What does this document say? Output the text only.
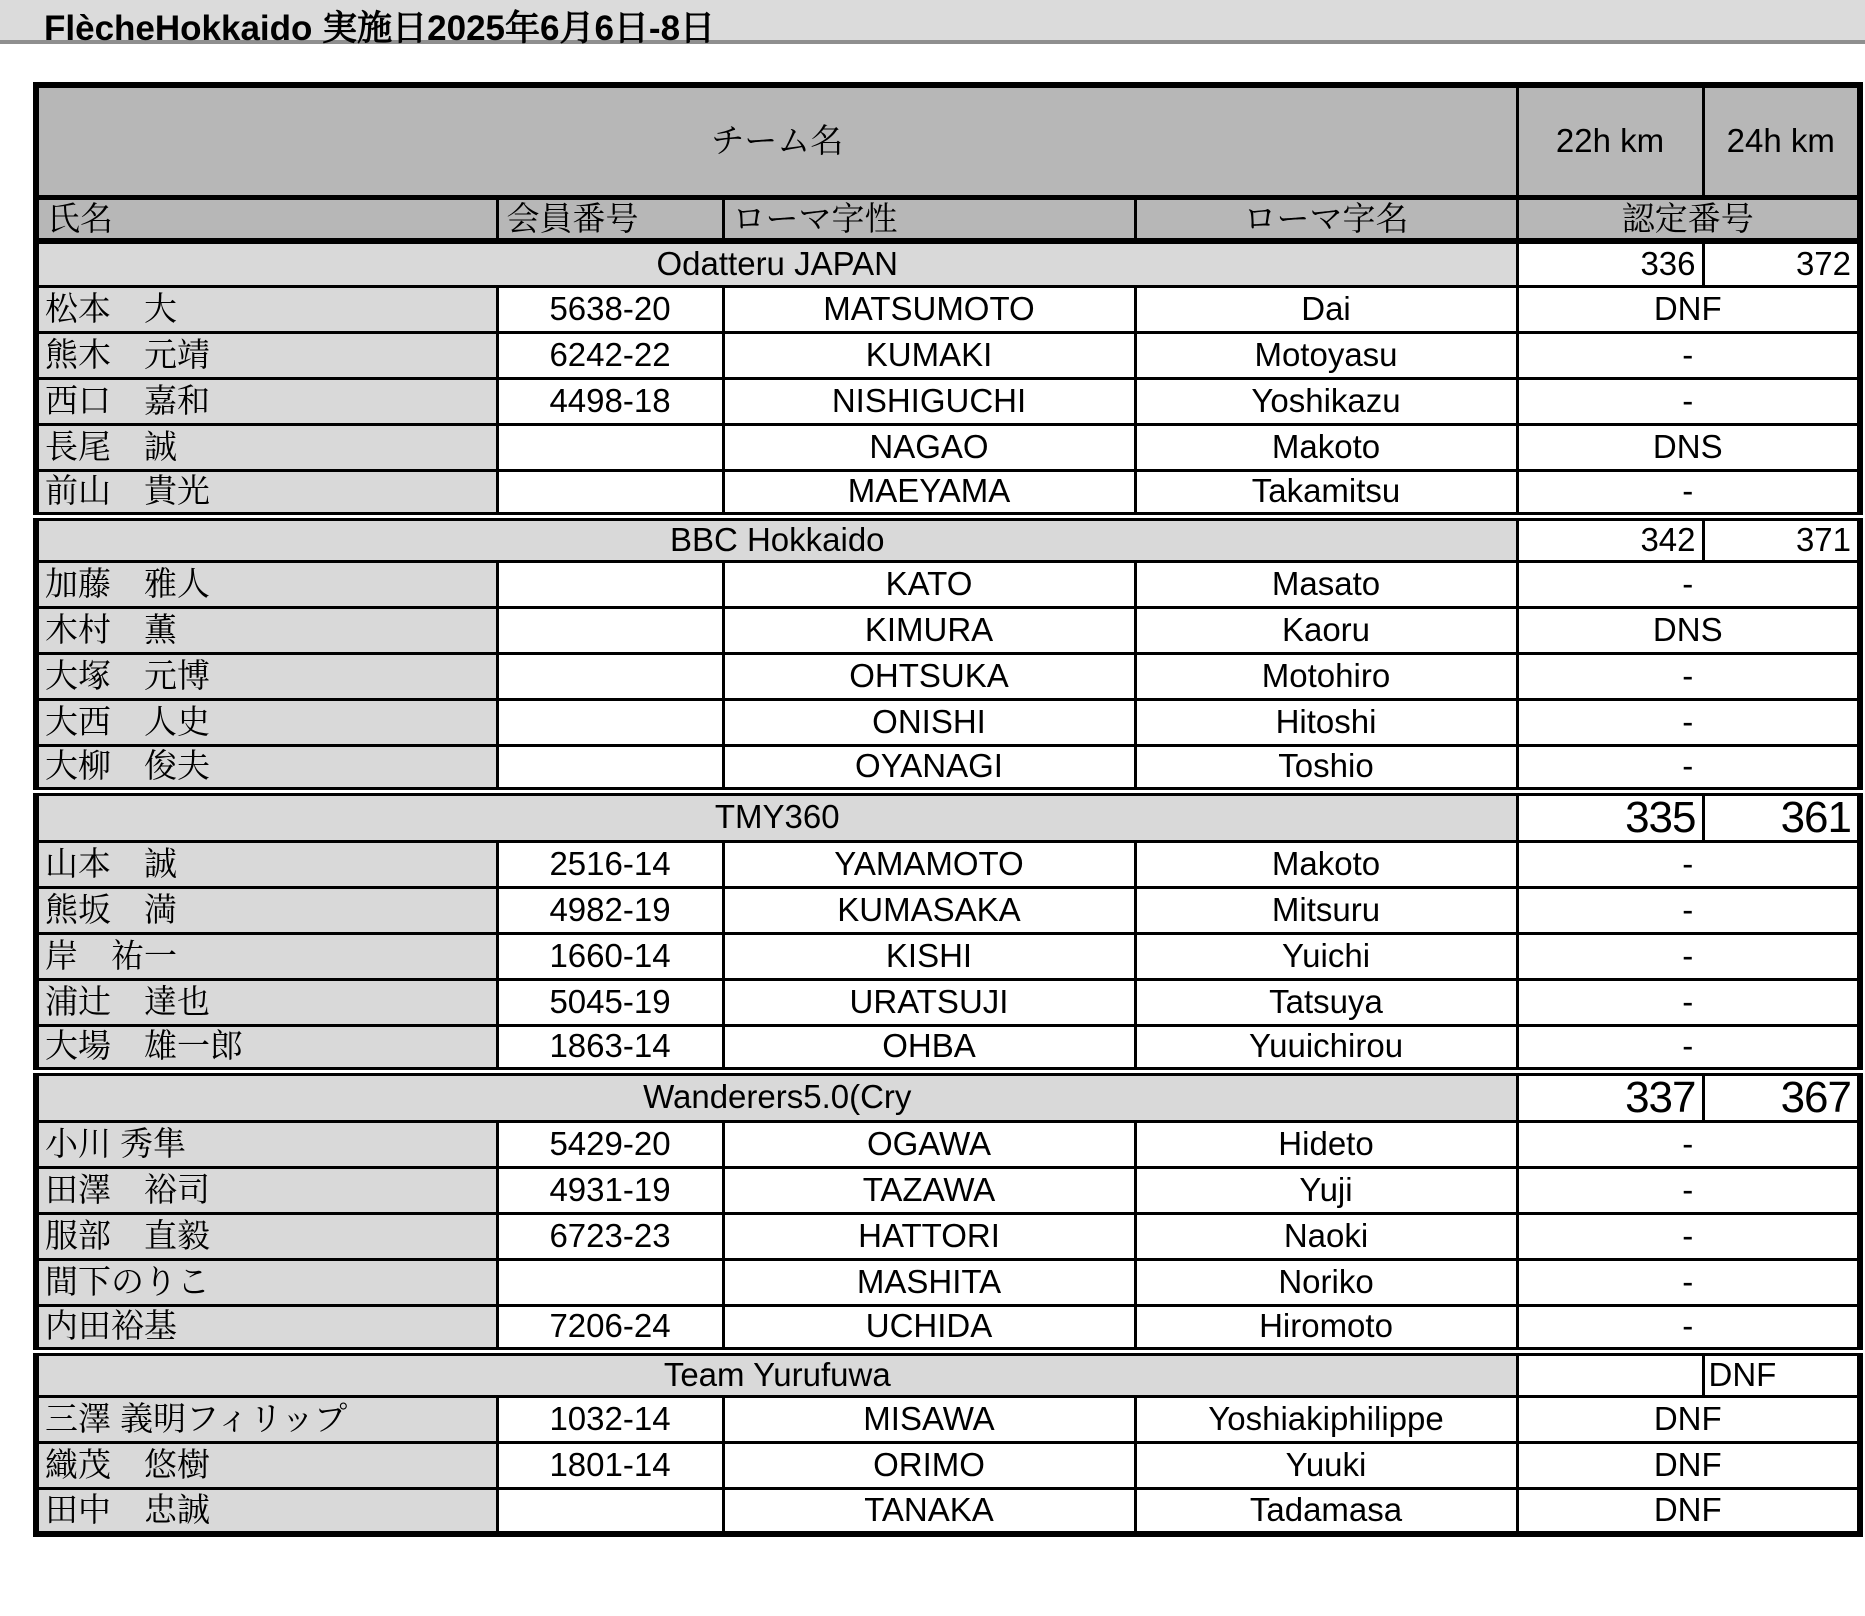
FlècheHokkaido 実施日2025年6月6日-8日
チーム名				22h km	24h km
氏名	会員番号	ローマ字性	ローマ字名	認定番号	
Odatteru JAPAN				336	372
松本　大	5638-20	MATSUMOTO	Dai	DNF	
熊木　元靖	6242-22	KUMAKI	Motoyasu	-	
西口　嘉和	4498-18	NISHIGUCHI	Yoshikazu	-	
長尾　誠		NAGAO	Makoto	DNS	
前山　貴光		MAEYAMA	Takamitsu	-	
BBC Hokkaido				342	371
加藤　雅人		KATO	Masato	-	
木村　薫		KIMURA	Kaoru	DNS	
大塚　元博		OHTSUKA	Motohiro	-	
大西　人史		ONISHI	Hitoshi	-	
大柳　俊夫		OYANAGI	Toshio	-	
TMY360				335	361
山本　誠	2516-14	YAMAMOTO	Makoto	-	
熊坂　満	4982-19	KUMASAKA	Mitsuru	-	
岸　祐一	1660-14	KISHI	Yuichi	-	
浦辻　達也	5045-19	URATSUJI	Tatsuya	-	
大場　雄一郎	1863-14	OHBA	Yuuichirou	-	
Wanderers5.0(Cry				337	367
小川 秀隼	5429-20	OGAWA	Hideto	-	
田澤　裕司	4931-19	TAZAWA	Yuji	-	
服部　直毅	6723-23	HATTORI	Naoki	-	
間下のりこ		MASHITA	Noriko	-	
内田裕基	7206-24	UCHIDA	Hiromoto	-	
Team Yurufuwa					DNF
三澤 義明フィリップ	1032-14	MISAWA	Yoshiakiphilippe	DNF	
織茂　悠樹	1801-14	ORIMO	Yuuki	DNF	
田中　忠誠		TANAKA	Tadamasa	DNF	
